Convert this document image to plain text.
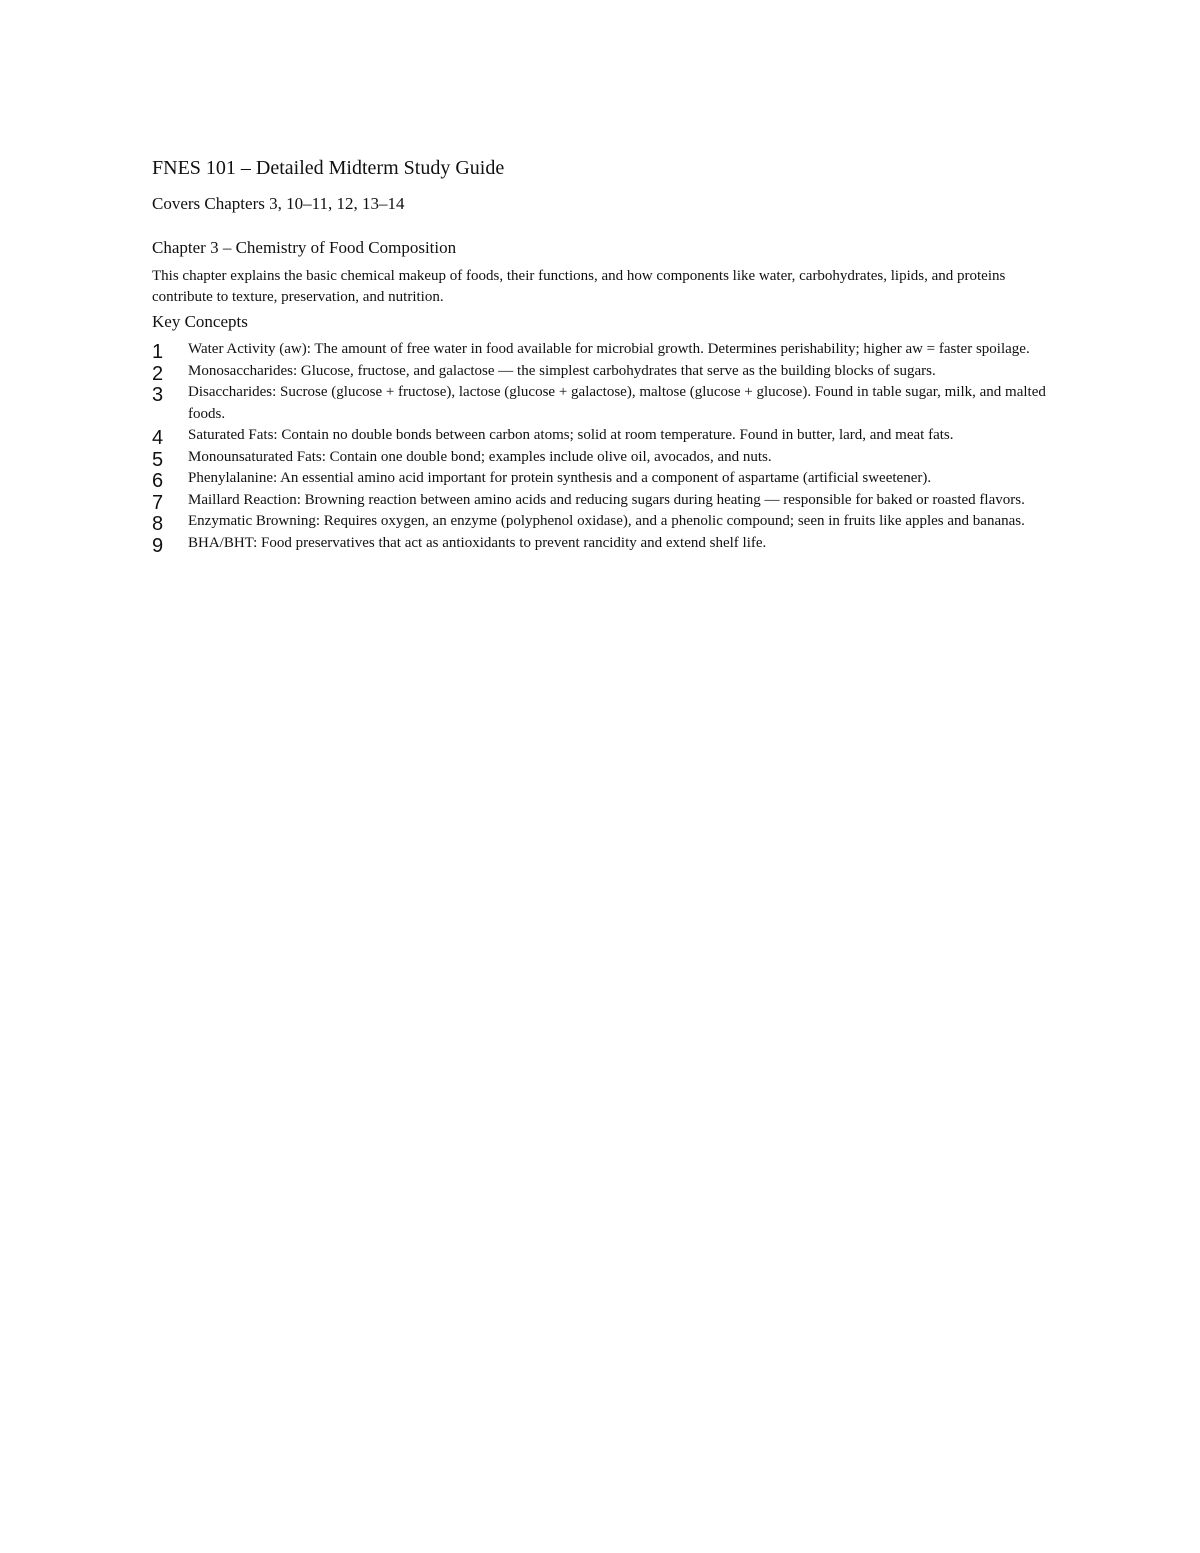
FNES 101 – Detailed Midterm Study Guide

Covers Chapters 3, 10–11, 12, 13–14

Chapter 3 – Chemistry of Food Composition

This chapter explains the basic chemical makeup of foods, their functions, and how components like water, carbohydrates, lipids, and proteins contribute to texture, preservation, and nutrition.

Key Concepts
1 Water Activity (aw): The amount of free water in food available for microbial growth. Determines perishability; higher aw = faster spoilage.
2 Monosaccharides: Glucose, fructose, and galactose — the simplest carbohydrates that serve as the building blocks of sugars.
3 Disaccharides: Sucrose (glucose + fructose), lactose (glucose + galactose), maltose (glucose + glucose). Found in table sugar, milk, and malted foods.
4 Saturated Fats: Contain no double bonds between carbon atoms; solid at room temperature. Found in butter, lard, and meat fats.
5 Monounsaturated Fats: Contain one double bond; examples include olive oil, avocados, and nuts.
6 Phenylalanine: An essential amino acid important for protein synthesis and a component of aspartame (artificial sweetener).
7 Maillard Reaction: Browning reaction between amino acids and reducing sugars during heating — responsible for baked or roasted flavors.
8 Enzymatic Browning: Requires oxygen, an enzyme (polyphenol oxidase), and a phenolic compound; seen in fruits like apples and bananas.
9 BHA/BHT: Food preservatives that act as antioxidants to prevent rancidity and extend shelf life.
